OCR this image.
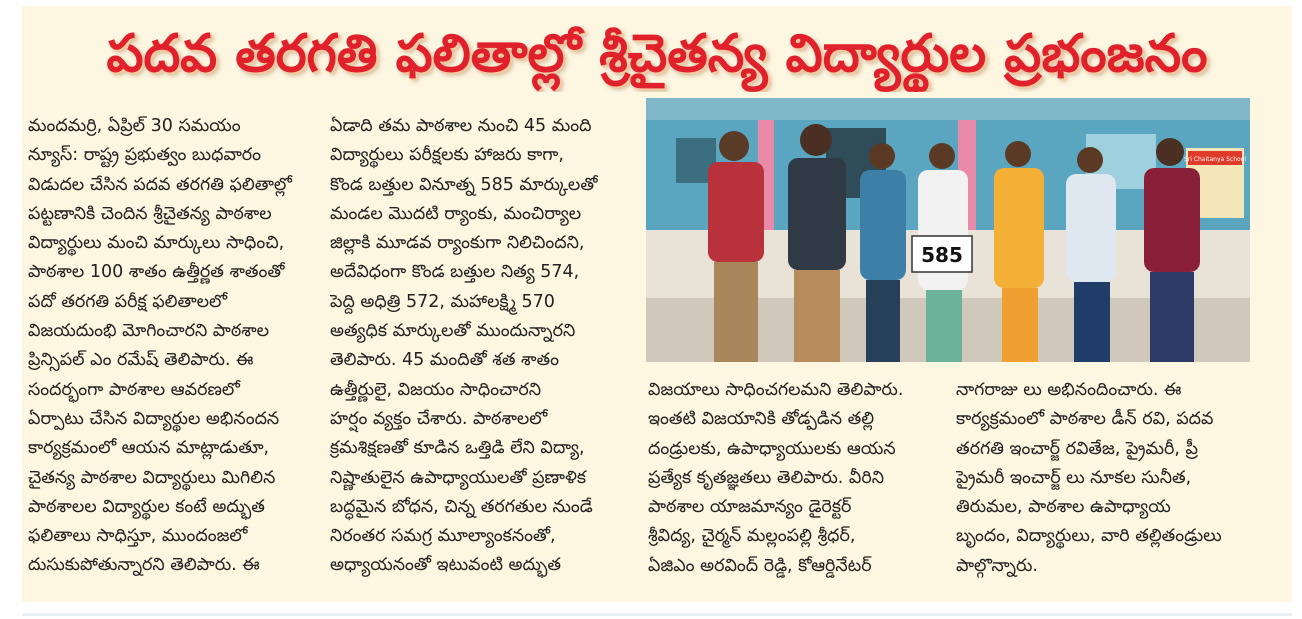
పదవ తరగతి ఫలితాల్లో శ్రీచైతన్య విద్యార్థుల ప్రభంజనం
మందమర్రి, ఏప్రిల్ 30 సమయం
న్యూస్: రాష్ట్ర ప్రభుత్వం బుధవారం
విడుదల చేసిన పదవ తరగతి ఫలితాల్లో
పట్టణానికి చెందిన శ్రీచైతన్య పాఠశాల
విద్యార్థులు మంచి మార్కులు సాధించి,
పాఠశాల 100 శాతం ఉత్తీర్ణత శాతంతో
పదో తరగతి పరీక్ష ఫలితాలలో
విజయదుంభి మోగించారని పాఠశాల
ప్రిన్సిపల్ ఎం రమేష్ తెలిపారు. ఈ
సందర్భంగా పాఠశాల ఆవరణలో
ఏర్పాటు చేసిన విద్యార్థుల అభినందన
కార్యక్రమంలో ఆయన మాట్లాడుతూ,
చైతన్య పాఠశాల విద్యార్థులు మిగిలిన
పాఠశాలల విద్యార్థుల కంటే అద్భుత
ఫలితాలు సాధిస్తూ, ముందంజలో
దుసుకుపోతున్నారని తెలిపారు. ఈ
ఏడాది తమ పాఠశాల నుంచి 45 మంది
విద్యార్థులు పరీక్షలకు హాజరు కాగా,
కొండ బత్తుల వినూత్న 585 మార్కులతో
మండల మొదటి ర్యాంకు, మంచిర్యాల
జిల్లాకి మూడవ ర్యాంకుగా నిలిచిందని,
అదేవిధంగా కొండ బత్తుల నిత్య 574,
పెద్ది అధిత్రి 572, మహాలక్ష్మి 570
అత్యధిక మార్కులతో ముందున్నారని
తెలిపారు. 45 మందితో శత శాతం
ఉత్తీర్ణులై, విజయం సాధించారని
హర్షం వ్యక్తం చేశారు. పాఠశాలలో
క్రమశిక్షణతో కూడిన ఒత్తిడి లేని విద్యా,
నిష్ణాతులైన ఉపాధ్యాయులతో ప్రణాళిక
బద్ధమైన బోధన, చిన్న తరగతుల నుండే
నిరంతర సమగ్ర మూల్యాంకనంతో,
అధ్యాయనంతో ఇటువంటి అద్భుత
విజయాలు సాధించగలమని తెలిపారు.
ఇంతటి విజయానికి తోడ్పడిన తల్లి
దండ్రులకు, ఉపాధ్యాయులకు ఆయన
ప్రత్యేక కృతజ్ఞతలు తెలిపారు. వీరిని
పాఠశాల యాజమాన్యం డైరెక్టర్
శ్రీవిద్య, చైర్మన్ మల్లంపల్లి శ్రీధర్,
ఏజిఎం అరవింద్ రెడ్డి, కోఆర్డినేటర్
నాగరాజు లు అభినందించారు. ఈ
కార్యక్రమంలో పాఠశాల డీన్ రవి, పదవ
తరగతి ఇంచార్జ్ రవితేజ, ప్రైమరీ, ప్రీ
ప్రైమరీ ఇంచార్జ్ లు నూకల సునీత,
తిరుమల, పాఠశాల ఉపాధ్యాయ
బృందం, విద్యార్థులు, వారి తల్లితండ్రులు
పాల్గొన్నారు.
585
Sri Chaitanya School
